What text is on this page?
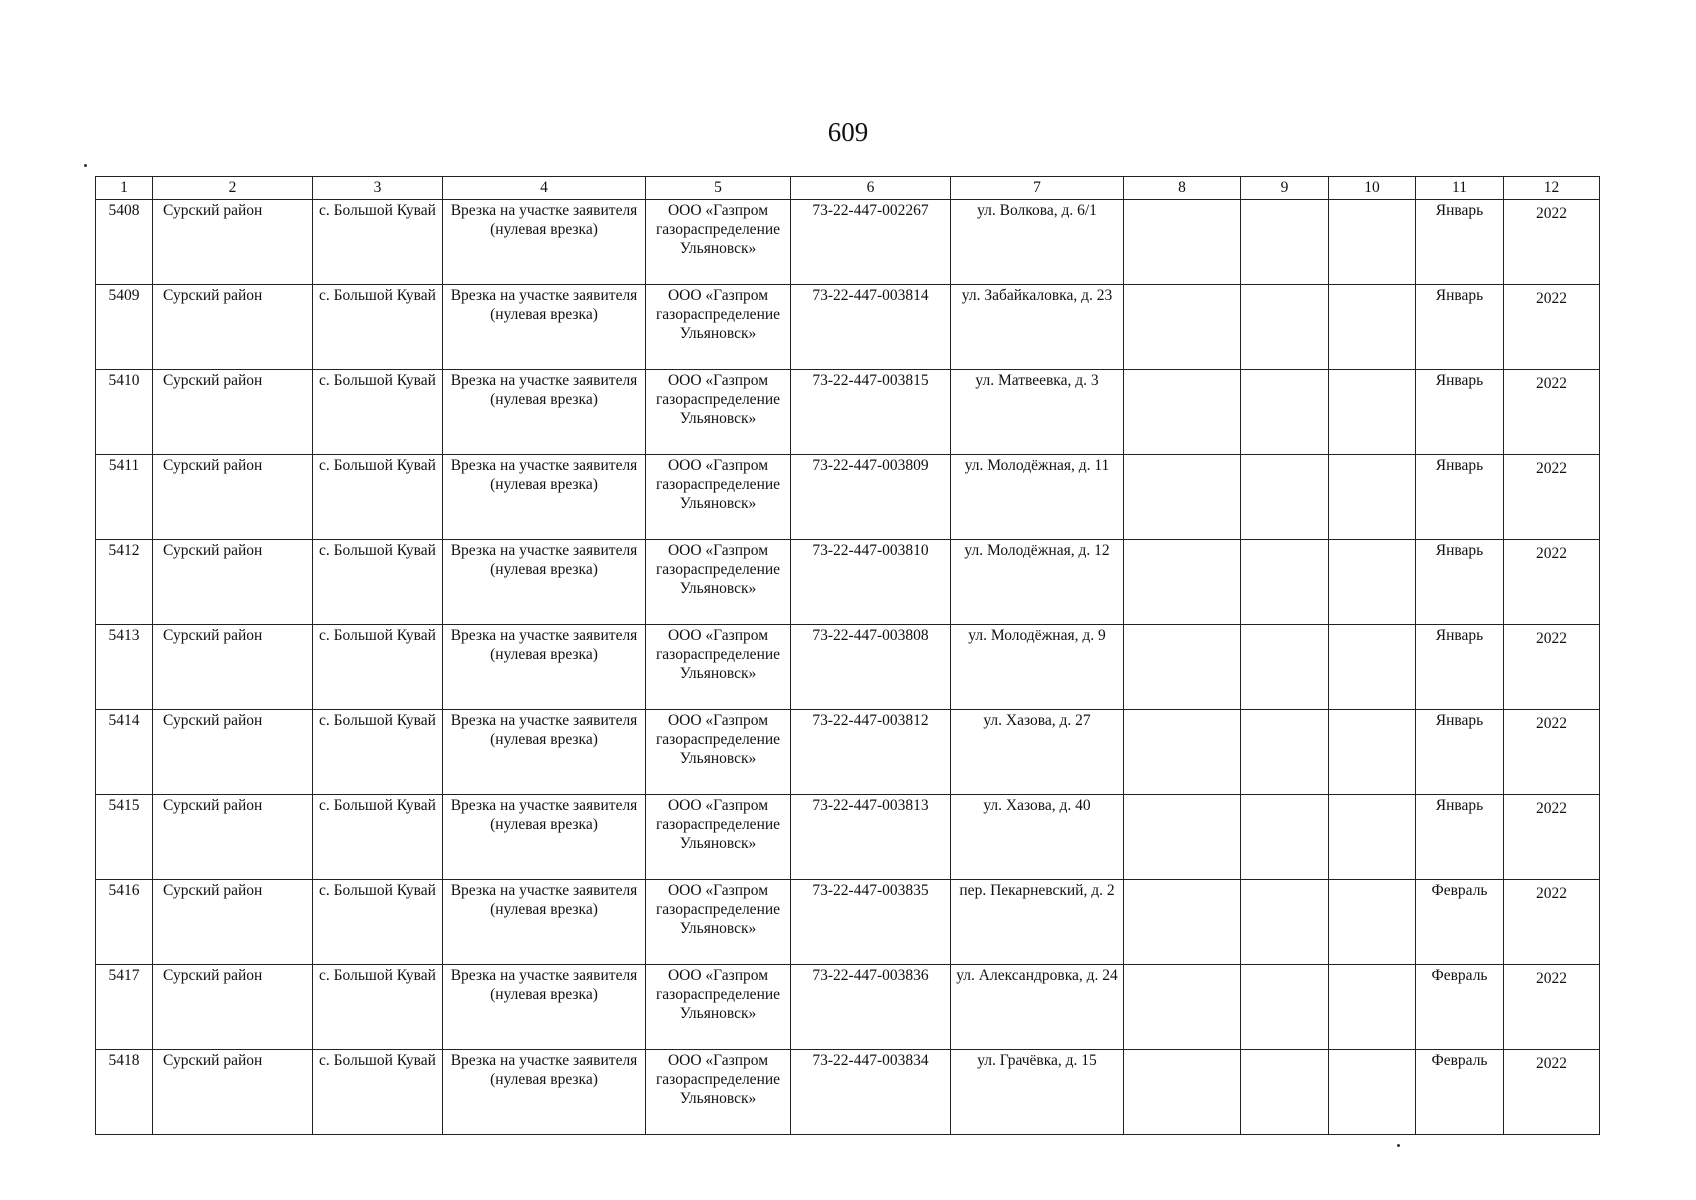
609
1	2	3	4	5	6	7	8	9	10	11	12
5408	Сурский район	с. Большой Кувай	Врезка на участке заявителя (нулевая врезка)	ООО «Газпром газораспределение Ульяновск»	73-22-447-002267	ул. Волкова, д. 6/1				Январь	2022
5409	Сурский район	с. Большой Кувай	Врезка на участке заявителя (нулевая врезка)	ООО «Газпром газораспределение Ульяновск»	73-22-447-003814	ул. Забайкаловка, д. 23				Январь	2022
5410	Сурский район	с. Большой Кувай	Врезка на участке заявителя (нулевая врезка)	ООО «Газпром газораспределение Ульяновск»	73-22-447-003815	ул. Матвеевка, д. 3				Январь	2022
5411	Сурский район	с. Большой Кувай	Врезка на участке заявителя (нулевая врезка)	ООО «Газпром газораспределение Ульяновск»	73-22-447-003809	ул. Молодёжная, д. 11				Январь	2022
5412	Сурский район	с. Большой Кувай	Врезка на участке заявителя (нулевая врезка)	ООО «Газпром газораспределение Ульяновск»	73-22-447-003810	ул. Молодёжная, д. 12				Январь	2022
5413	Сурский район	с. Большой Кувай	Врезка на участке заявителя (нулевая врезка)	ООО «Газпром газораспределение Ульяновск»	73-22-447-003808	ул. Молодёжная, д. 9				Январь	2022
5414	Сурский район	с. Большой Кувай	Врезка на участке заявителя (нулевая врезка)	ООО «Газпром газораспределение Ульяновск»	73-22-447-003812	ул. Хазова, д. 27				Январь	2022
5415	Сурский район	с. Большой Кувай	Врезка на участке заявителя (нулевая врезка)	ООО «Газпром газораспределение Ульяновск»	73-22-447-003813	ул. Хазова, д. 40				Январь	2022
5416	Сурский район	с. Большой Кувай	Врезка на участке заявителя (нулевая врезка)	ООО «Газпром газораспределение Ульяновск»	73-22-447-003835	пер. Пекарневский, д. 2				Февраль	2022
5417	Сурский район	с. Большой Кувай	Врезка на участке заявителя (нулевая врезка)	ООО «Газпром газораспределение Ульяновск»	73-22-447-003836	ул. Александровка, д. 24				Февраль	2022
5418	Сурский район	с. Большой Кувай	Врезка на участке заявителя (нулевая врезка)	ООО «Газпром газораспределение Ульяновск»	73-22-447-003834	ул. Грачёвка, д. 15				Февраль	2022
